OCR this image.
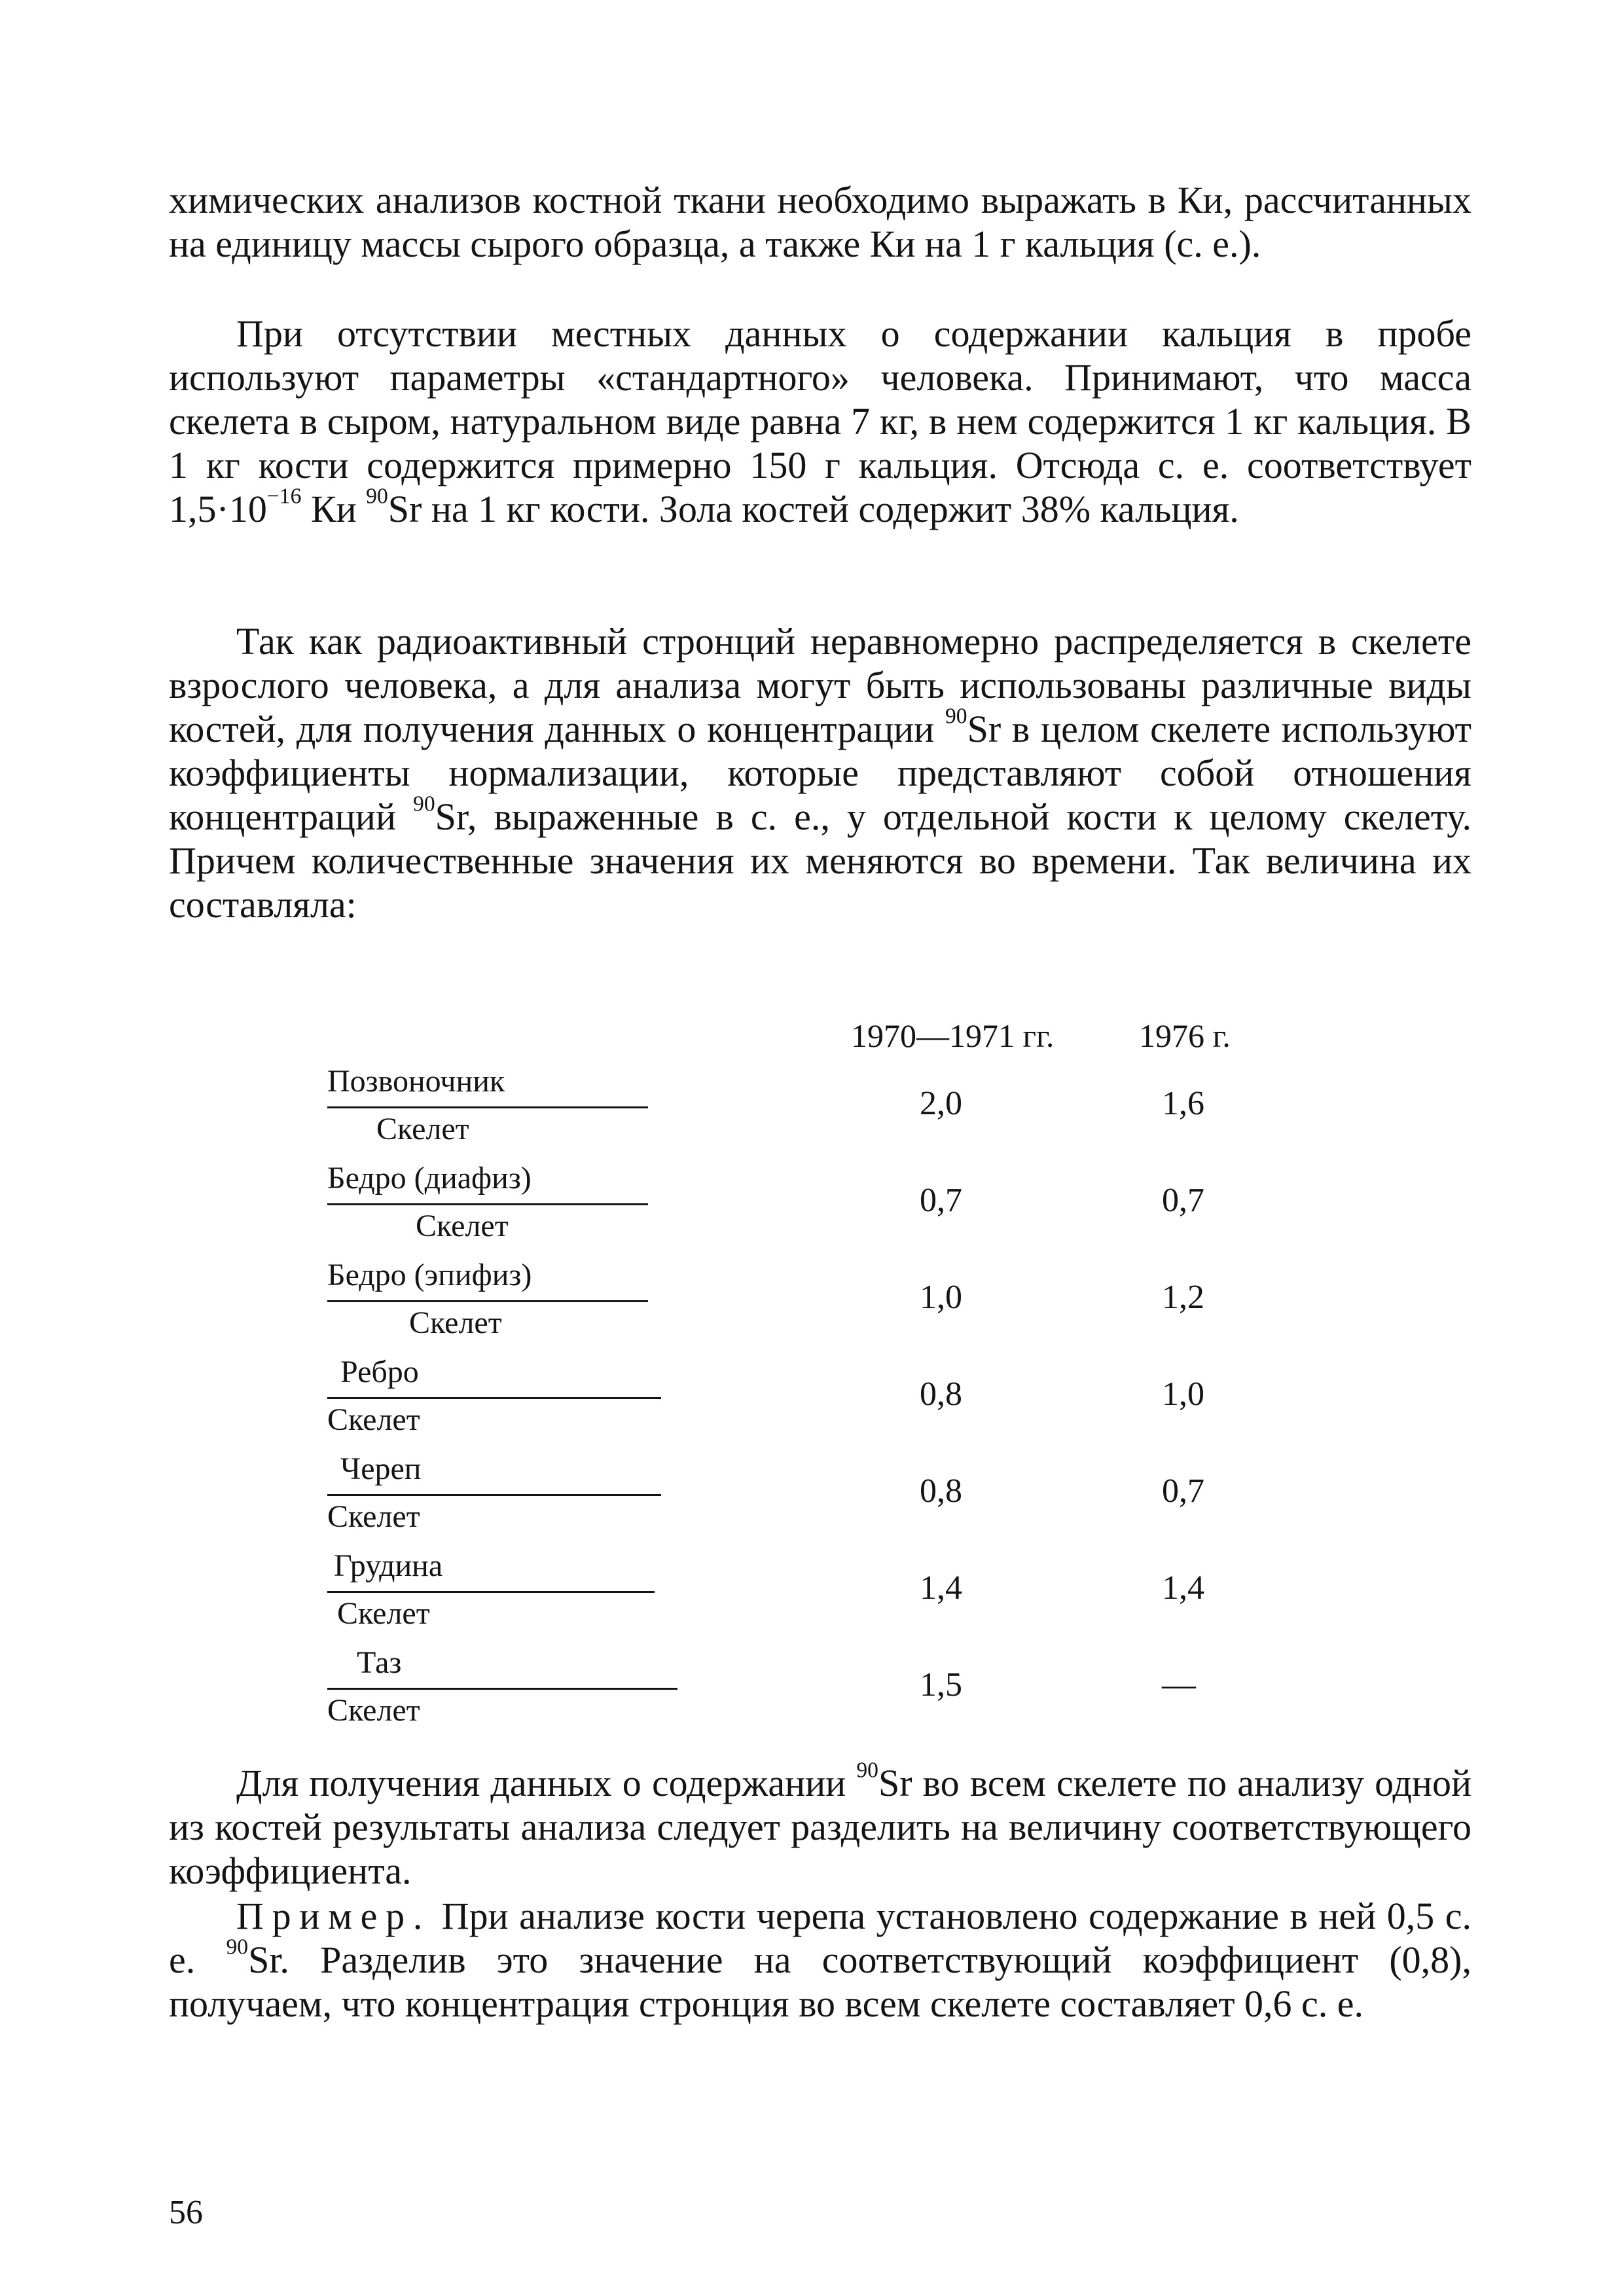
химических анализов костной ткани необходимо выражать в Ки, рассчитанных на единицу массы сырого образца, а также Ки на 1 г кальция (с. е.).

При отсутствии местных данных о содержании кальция в пробе используют параметры «стандартного» человека. Принимают, что масса скелета в сыром, натуральном виде равна 7 кг, в нем содержится 1 кг кальция. В 1 кг кости содержится примерно 150 г кальция. Отсюда с. е. соответствует $1,5\cdot 10^{-16}$ Ки $^{90}$Sr на 1 кг кости. Зола костей содержит 38% кальция.

Так как радиоактивный стронций неравномерно распределяется в скелете взрослого человека, а для анализа могут быть использованы различные виды костей, для получения данных о концентрации $^{90}$Sr в целом скелете используют коэффициенты нормализации, которые представляют собой отношения концентраций $^{90}$Sr, выраженные в с. е., у отдельной кости к целому скелету. Причем количественные значения их меняются во времени. Так величина их составляла:

1970—1971 гг.	1976 г.
Позвоночник
Скелет
2,0	1,6
Бедро (диафиз)
Скелет
0,7	0,7
Бедро (эпифиз)
Скелет
1,0	1,2
Ребро
Скелет
0,8	1,0
Череп
Скелет
0,8	0,7
Грудина
Скелет
1,4	1,4
Таз
Скелет
1,5	—

Для получения данных о содержании $^{90}$Sr во всем скелете по анализу одной из костей результаты анализа следует разделить на величину соответствующего коэффициента.

Пример. При анализе кости черепа установлено содержание в ней 0,5 с. е. $^{90}$Sr. Разделив это значение на соответствующий коэффициент (0,8), получаем, что концентрация стронция во всем скелете составляет 0,6 с. е.

56
